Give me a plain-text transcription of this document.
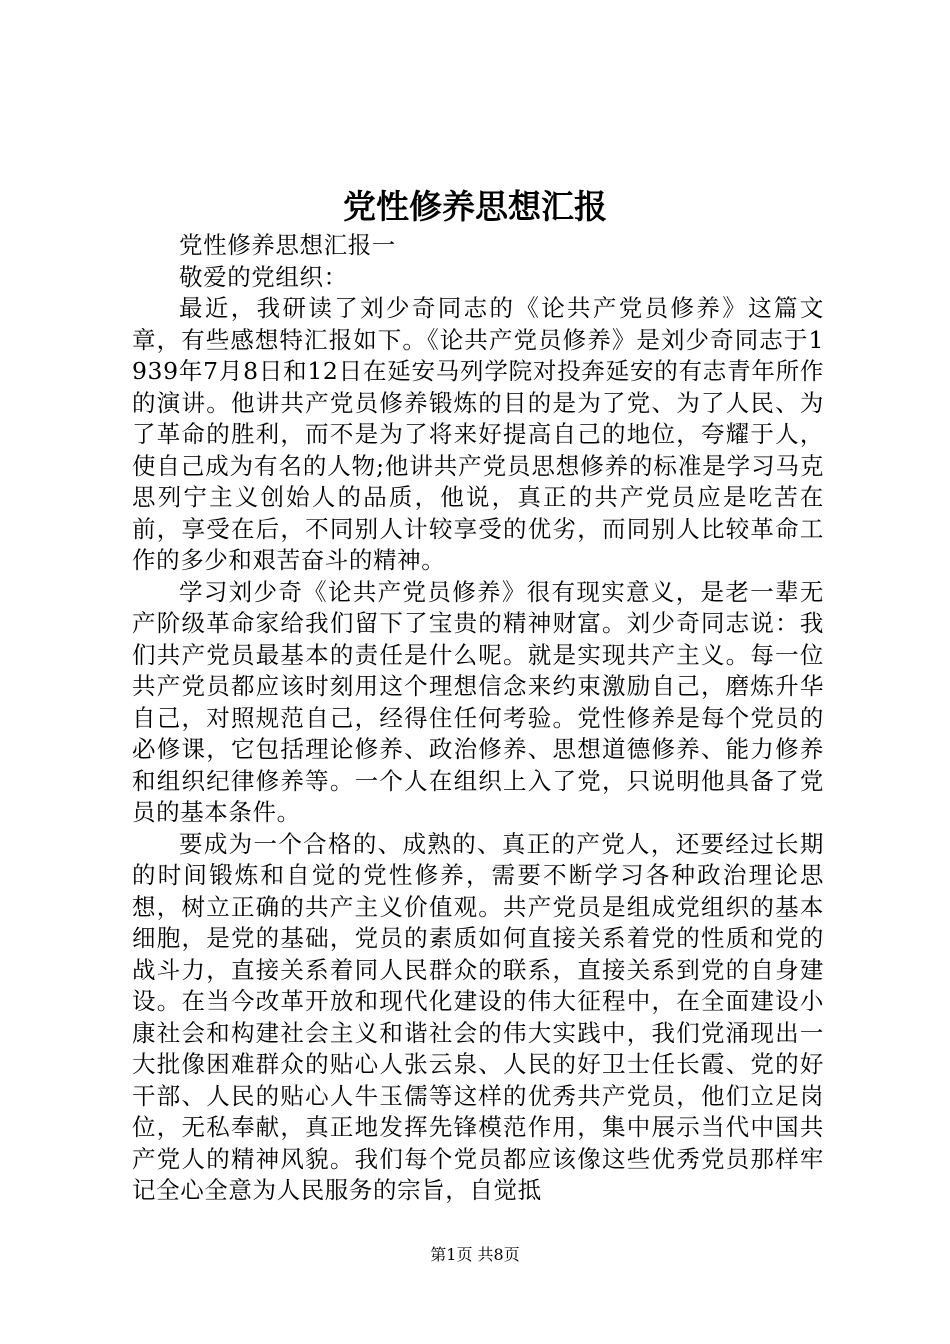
党性修养思想汇报

党性修养思想汇报一

敬爱的党组织：

最近，我研读了刘少奇同志的《论共产党员修养》这篇文章，有些感想特汇报如下。《论共产党员修养》是刘少奇同志于1939年7月8日和12日在延安马列学院对投奔延安的有志青年所作的演讲。他讲共产党员修养锻炼的目的是为了党、为了人民、为了革命的胜利，而不是为了将来好提高自己的地位，夸耀于人，使自己成为有名的人物;他讲共产党员思想修养的标准是学习马克思列宁主义创始人的品质，他说，真正的共产党员应是吃苦在前，享受在后，不同别人计较享受的优劣，而同别人比较革命工作的多少和艰苦奋斗的精神。

学习刘少奇《论共产党员修养》很有现实意义，是老一辈无产阶级革命家给我们留下了宝贵的精神财富。刘少奇同志说：我们共产党员最基本的责任是什么呢。就是实现共产主义。每一位共产党员都应该时刻用这个理想信念来约束激励自己，磨炼升华自己，对照规范自己，经得住任何考验。党性修养是每个党员的必修课，它包括理论修养、政治修养、思想道德修养、能力修养和组织纪律修养等。一个人在组织上入了党，只说明他具备了党员的基本条件。

要成为一个合格的、成熟的、真正的产党人，还要经过长期的时间锻炼和自觉的党性修养，需要不断学习各种政治理论思想，树立正确的共产主义价值观。共产党员是组成党组织的基本细胞，是党的基础，党员的素质如何直接关系着党的性质和党的战斗力，直接关系着同人民群众的联系，直接关系到党的自身建设。在当今改革开放和现代化建设的伟大征程中，在全面建设小康社会和构建社会主义和谐社会的伟大实践中，我们党涌现出一大批像困难群众的贴心人张云泉、人民的好卫士任长霞、党的好干部、人民的贴心人牛玉儒等这样的优秀共产党员，他们立足岗位，无私奉献，真正地发挥先锋模范作用，集中展示当代中国共产党人的精神风貌。我们每个党员都应该像这些优秀党员那样牢记全心全意为人民服务的宗旨，自觉抵

第1页 共8页
